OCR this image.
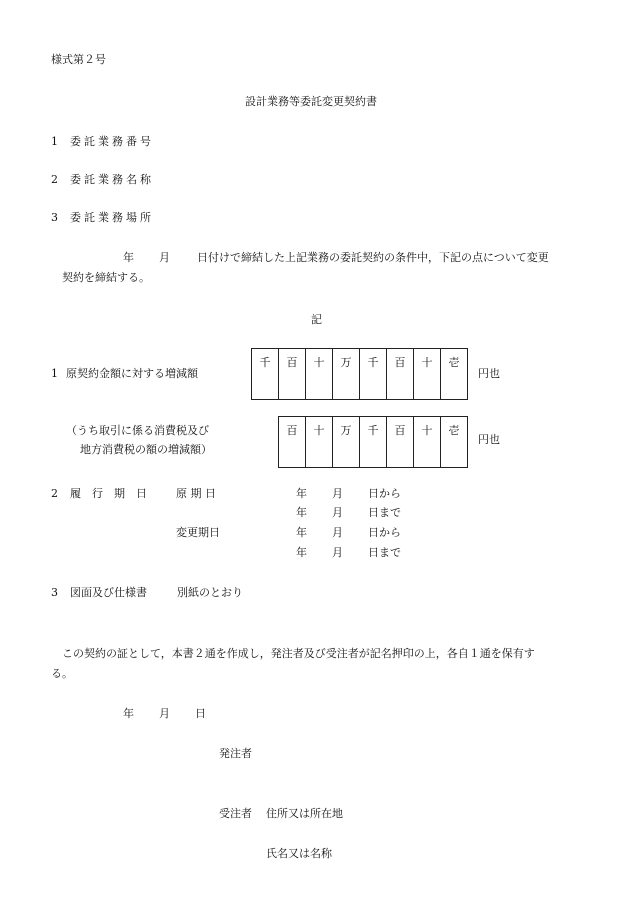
様式第２号
設計業務等委託変更契約書
1 委託業務番号
2 委託業務名称
3 委託業務場所
年 月 日付けで締結した上記業務の委託契約の条件中，下記の点について変更
契約を締結する。
記
1 原契約金額に対する増減額
千	百	十	万	千	百	十	壱
円也
（うち取引に係る消費税及び
地方消費税の額の増減額）
百	十	万	千	百	十	壱
円也
2 履　行　期　日	原 期 日	年 月 日から
年 月 日まで
変更期日	年 月 日から
年 月 日まで
3 図面及び仕様書	別紙のとおり
この契約の証として，本書２通を作成し，発注者及び受注者が記名押印の上，各自１通を保有す
る。
年 月 日
発注者
受注者 住所又は所在地
氏名又は名称
